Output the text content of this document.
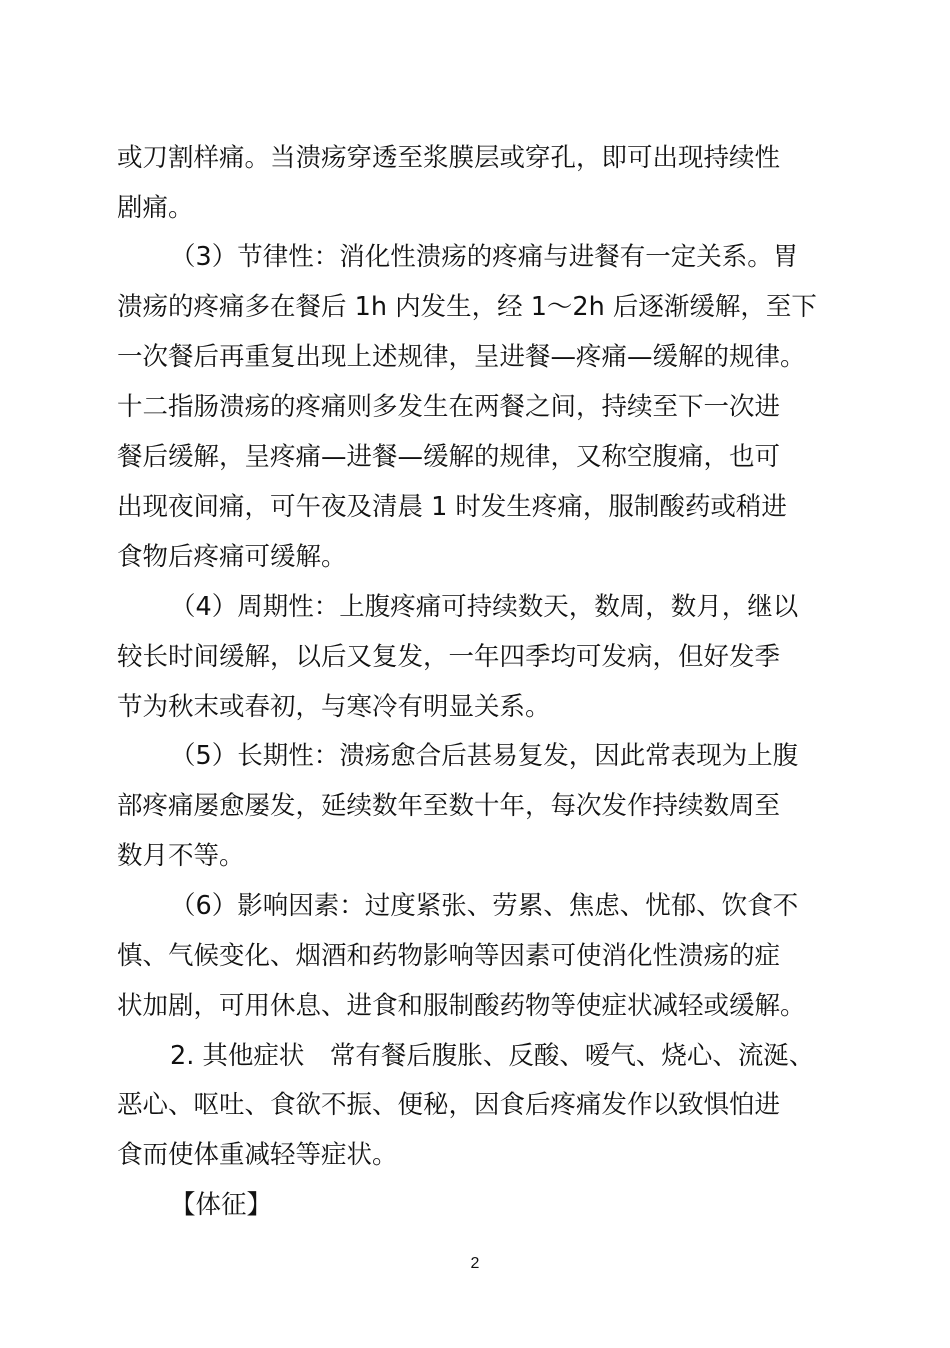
或刀割样痛。当溃疡穿透至浆膜层或穿孔，即可出现持续性
剧痛。
（3）节律性：消化性溃疡的疼痛与进餐有一定关系。胃
溃疡的疼痛多在餐后 1h 内发生，经 1～2h 后逐渐缓解，至下
一次餐后再重复出现上述规律，呈进餐—疼痛—缓解的规律。
十二指肠溃疡的疼痛则多发生在两餐之间，持续至下一次进
餐后缓解，呈疼痛—进餐—缓解的规律，又称空腹痛，也可
出现夜间痛，可午夜及清晨 1 时发生疼痛，服制酸药或稍进
食物后疼痛可缓解。
（4）周期性：上腹疼痛可持续数天，数周，数月，继以
较长时间缓解，以后又复发，一年四季均可发病，但好发季
节为秋末或春初，与寒冷有明显关系。
（5）长期性：溃疡愈合后甚易复发，因此常表现为上腹
部疼痛屡愈屡发，延续数年至数十年，每次发作持续数周至
数月不等。
（6）影响因素：过度紧张、劳累、焦虑、忧郁、饮食不
慎、气候变化、烟酒和药物影响等因素可使消化性溃疡的症
状加剧，可用休息、进食和服制酸药物等使症状减轻或缓解。
2. 其他症状　常有餐后腹胀、反酸、嗳气、烧心、流涎、
恶心、呕吐、食欲不振、便秘，因食后疼痛发作以致惧怕进
食而使体重减轻等症状。
【体征】
2
